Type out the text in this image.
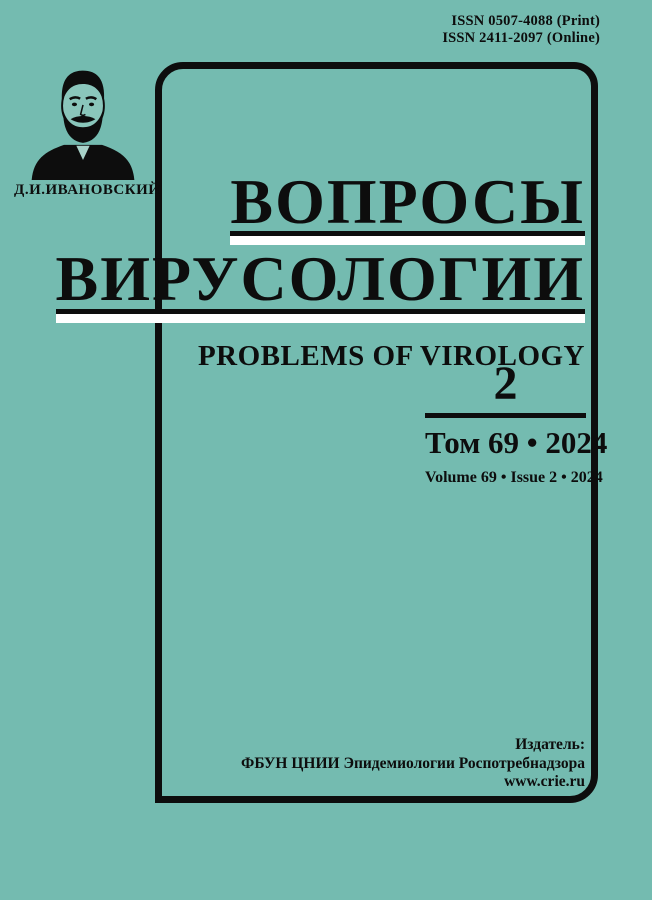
ISSN 0507-4088 (Print)
ISSN 2411-2097 (Online)
Д.И.ИВАНОВСКИЙ	ВОПРОСЫ
ВИРУСОЛОГИИ
PROBLEMS OF VIROLOGY
2
Том 69 • 2024
Volume 69 • Issue 2 • 2024
Издатель:
ФБУН ЦНИИ Эпидемиологии Роспотребнадзора
www.crie.ru
